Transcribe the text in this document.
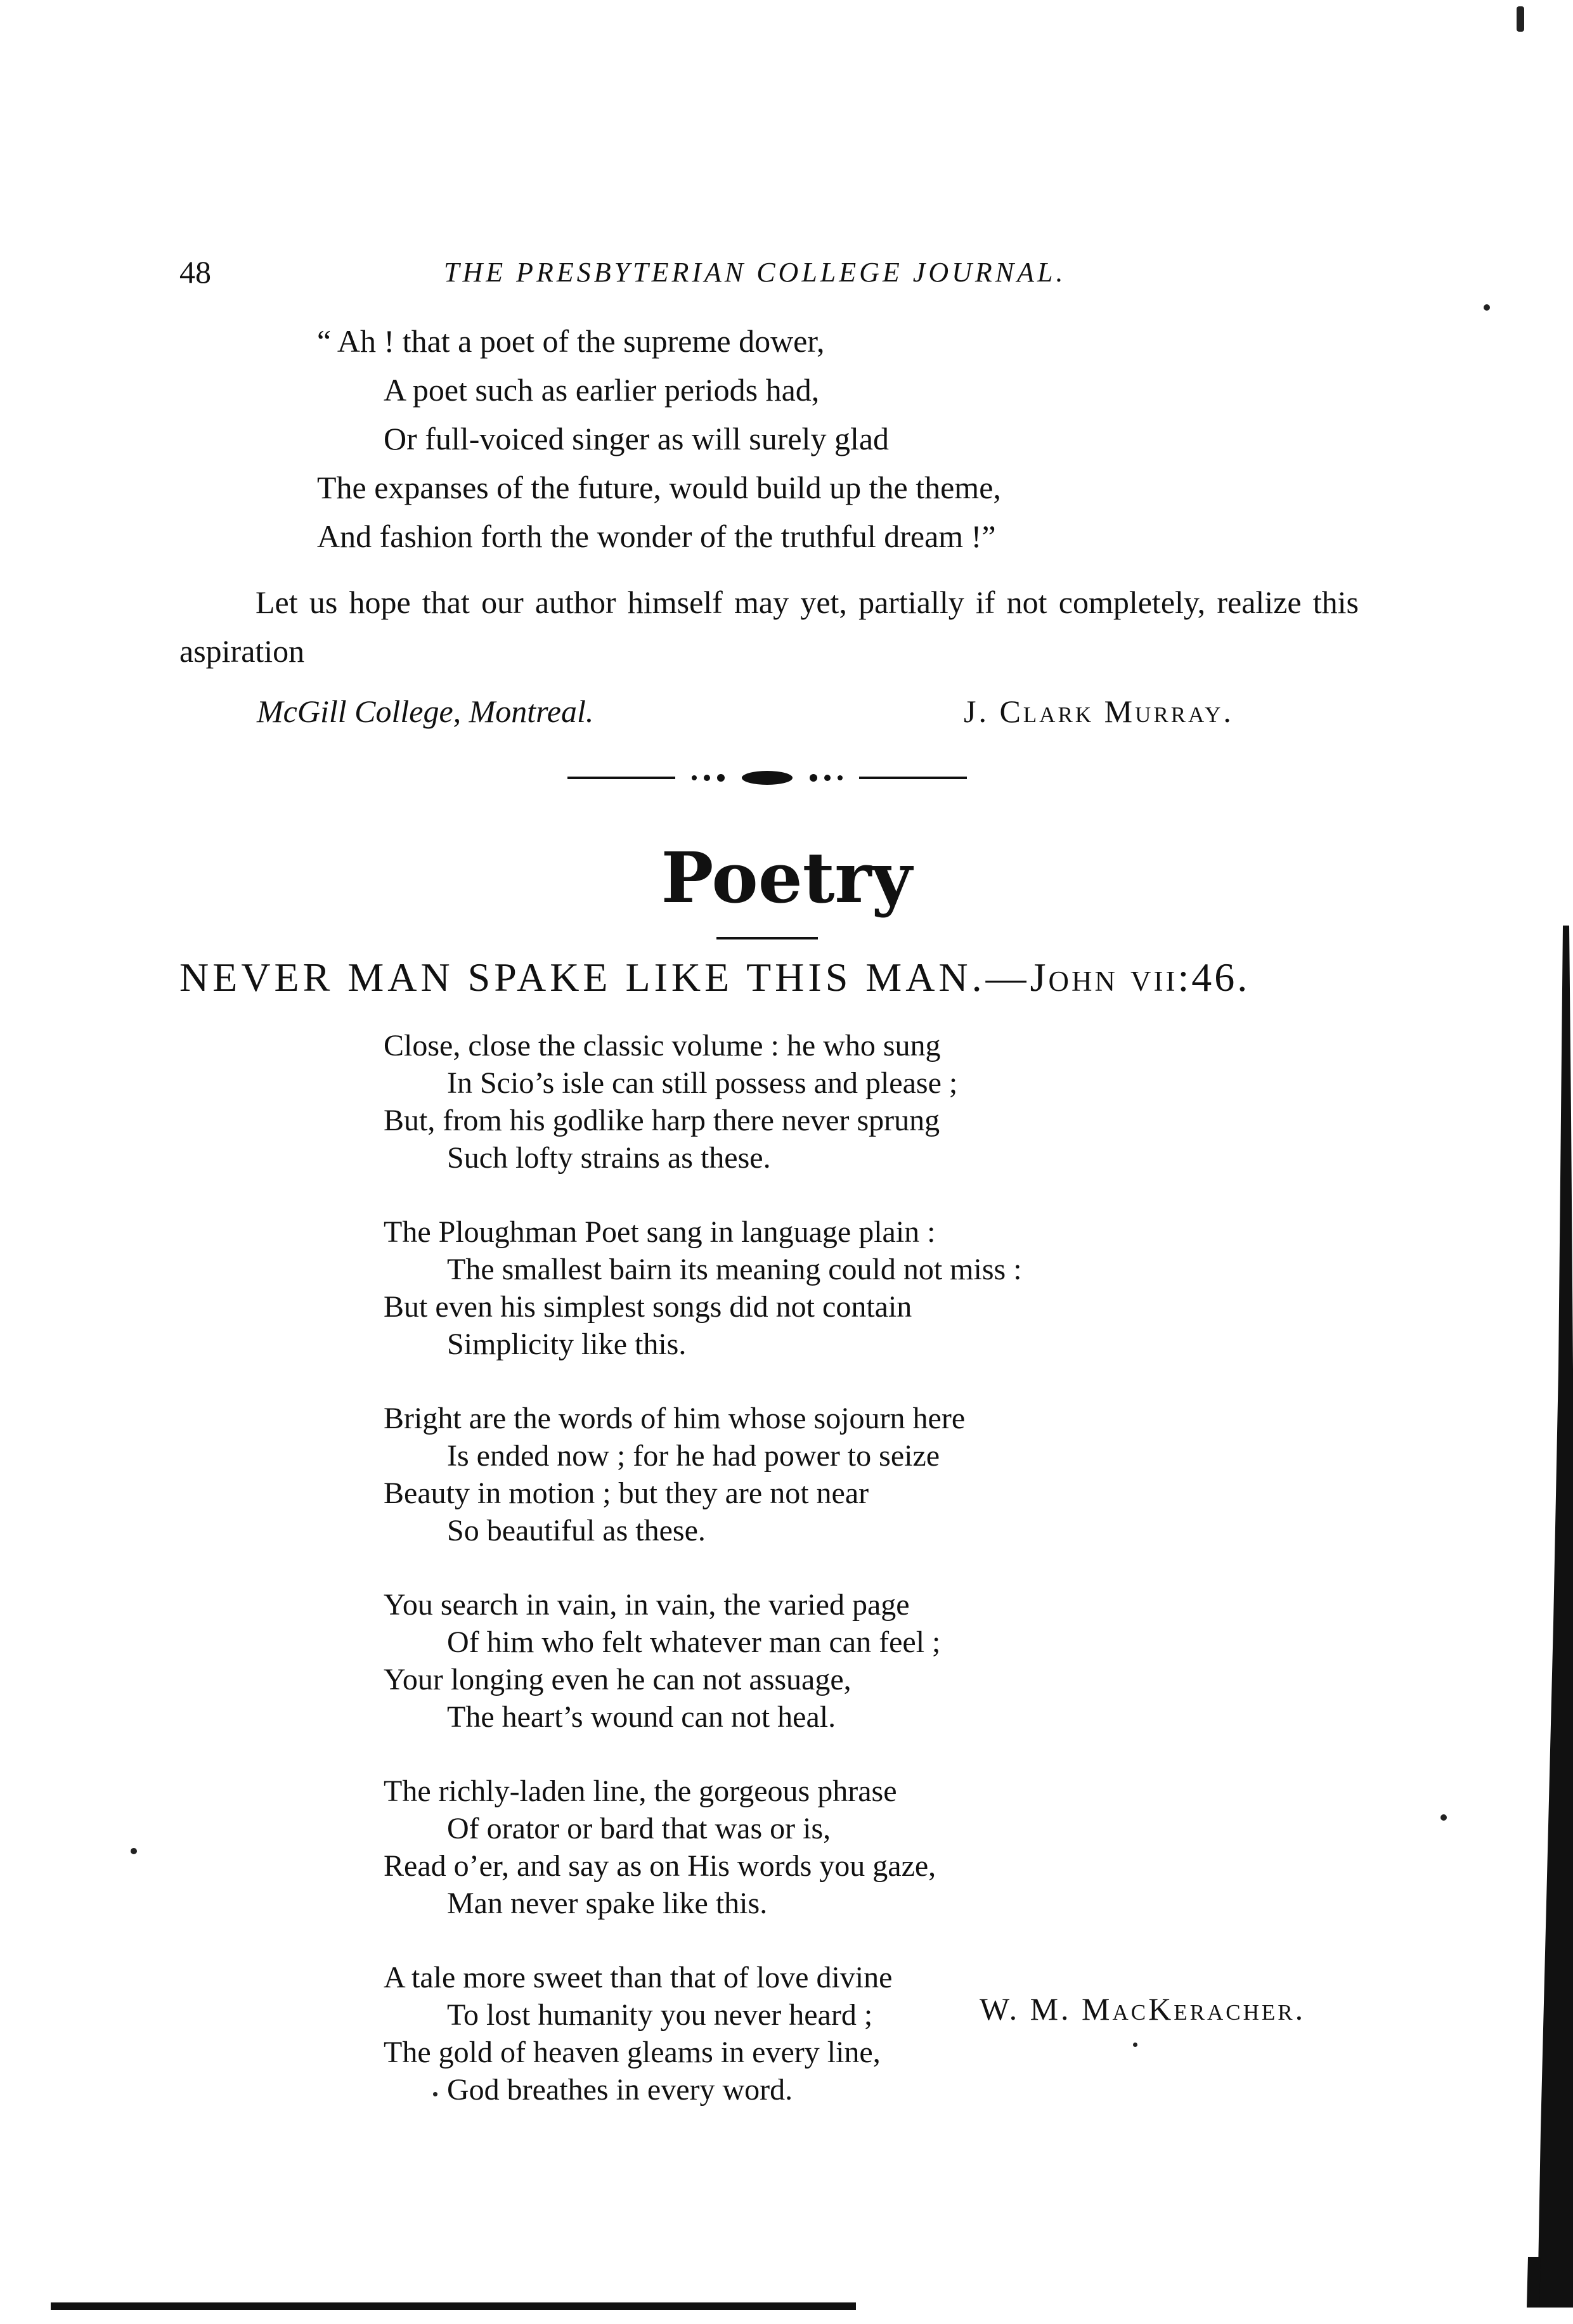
48	THE PRESBYTERIAN COLLEGE JOURNAL.
“ Ah ! that a poet of the supreme dower,
A poet such as earlier periods had,
Or full-voiced singer as will surely glad
The expanses of the future, would build up the theme,
And fashion forth the wonder of the truthful dream !”
Let us hope that our author himself may yet, partially if not completely, realize this aspiration
McGill College, Montreal.	J. Clark Murray.
Poetry
NEVER MAN SPAKE LIKE THIS MAN.—John vii:46.
Close, close the classic volume : he who sung
In Scio’s isle can still possess and please ;
But, from his godlike harp there never sprung
Such lofty strains as these.
The Ploughman Poet sang in language plain :
The smallest bairn its meaning could not miss :
But even his simplest songs did not contain
Simplicity like this.
Bright are the words of him whose sojourn here
Is ended now ; for he had power to seize
Beauty in motion ; but they are not near
So beautiful as these.
You search in vain, in vain, the varied page
Of him who felt whatever man can feel ;
Your longing even he can not assuage,
The heart’s wound can not heal.
The richly-laden line, the gorgeous phrase
Of orator or bard that was or is,
Read o’er, and say as on His words you gaze,
Man never spake like this.
A tale more sweet than that of love divine
To lost humanity you never heard ;
The gold of heaven gleams in every line,
God breathes in every word.
W. M. MacKeracher.
